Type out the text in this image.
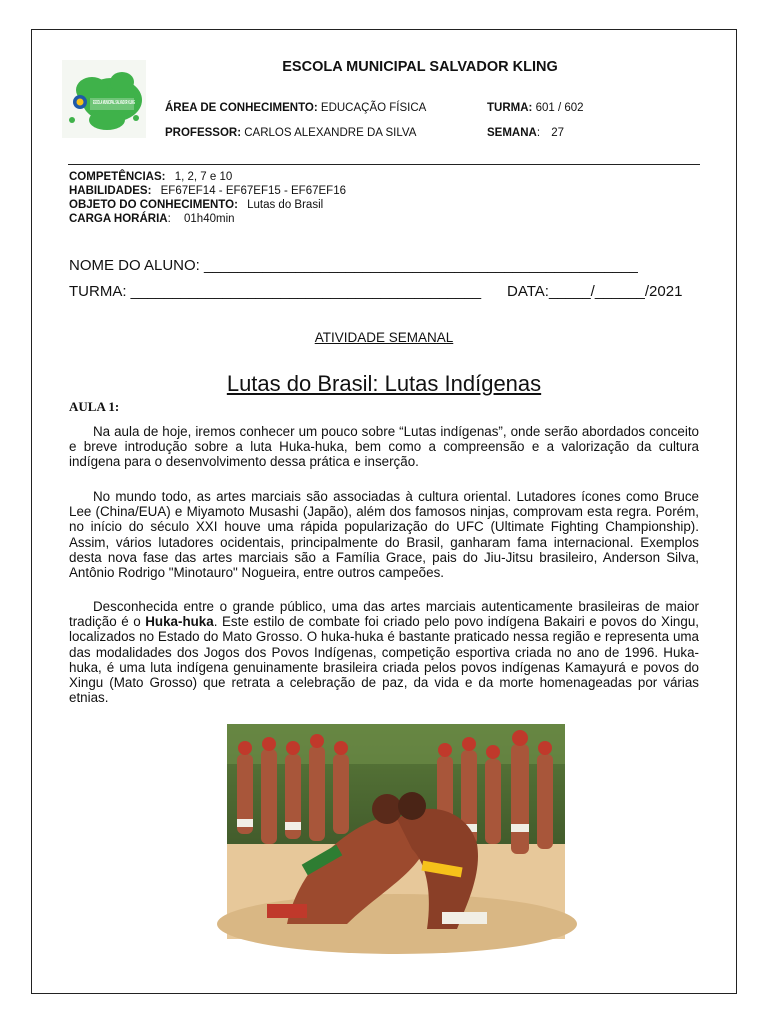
ESCOLA MUNICIPAL SALVADOR KLING
ESCOLA MUNICIPAL SALVADOR KLING
ÁREA DE CONHECIMENTO: EDUCAÇÃO FÍSICA	TURMA: 601 / 602
PROFESSOR: CARLOS ALEXANDRE DA SILVA	SEMANA: 27
COMPETÊNCIAS: 1, 2, 7 e 10
HABILIDADES: EF67EF14 - EF67EF15 - EF67EF16
OBJETO DO CONHECIMENTO: Lutas do Brasil
CARGA HORÁRIA: 01h40min
NOME DO ALUNO: ____________________________________________________
TURMA: __________________________________________ DATA:_____/______/2021
ATIVIDADE SEMANAL
Lutas do Brasil: Lutas Indígenas
AULA 1:
Na aula de hoje, iremos conhecer um pouco sobre “Lutas indígenas”, onde serão abordados conceito e breve introdução sobre a luta Huka-huka, bem como a compreensão e a valorização da cultura indígena para o desenvolvimento dessa prática e inserção.
No mundo todo, as artes marciais são associadas à cultura oriental. Lutadores ícones como Bruce Lee (China/EUA) e Miyamoto Musashi (Japão), além dos famosos ninjas, comprovam esta regra. Porém, no início do século XXI houve uma rápida popularização do UFC (Ultimate Fighting Championship). Assim, vários lutadores ocidentais, principalmente do Brasil, ganharam fama internacional. Exemplos desta nova fase das artes marciais são a Família Grace, pais do Jiu-Jitsu brasileiro, Anderson Silva, Antônio Rodrigo "Minotauro" Nogueira, entre outros campeões.
Desconhecida entre o grande público, uma das artes marciais autenticamente brasileiras de maior tradição é o Huka-huka. Este estilo de combate foi criado pelo povo indígena Bakairi e povos do Xingu, localizados no Estado do Mato Grosso. O huka-huka é bastante praticado nessa região e representa uma das modalidades dos Jogos dos Povos Indígenas, competição esportiva criada no ano de 1996. Huka-huka, é uma luta indígena genuinamente brasileira criada pelos povos indígenas Kamayurá e povos do Xingu (Mato Grosso) que retrata a celebração de paz, da vida e da morte homenageadas por várias etnias.
